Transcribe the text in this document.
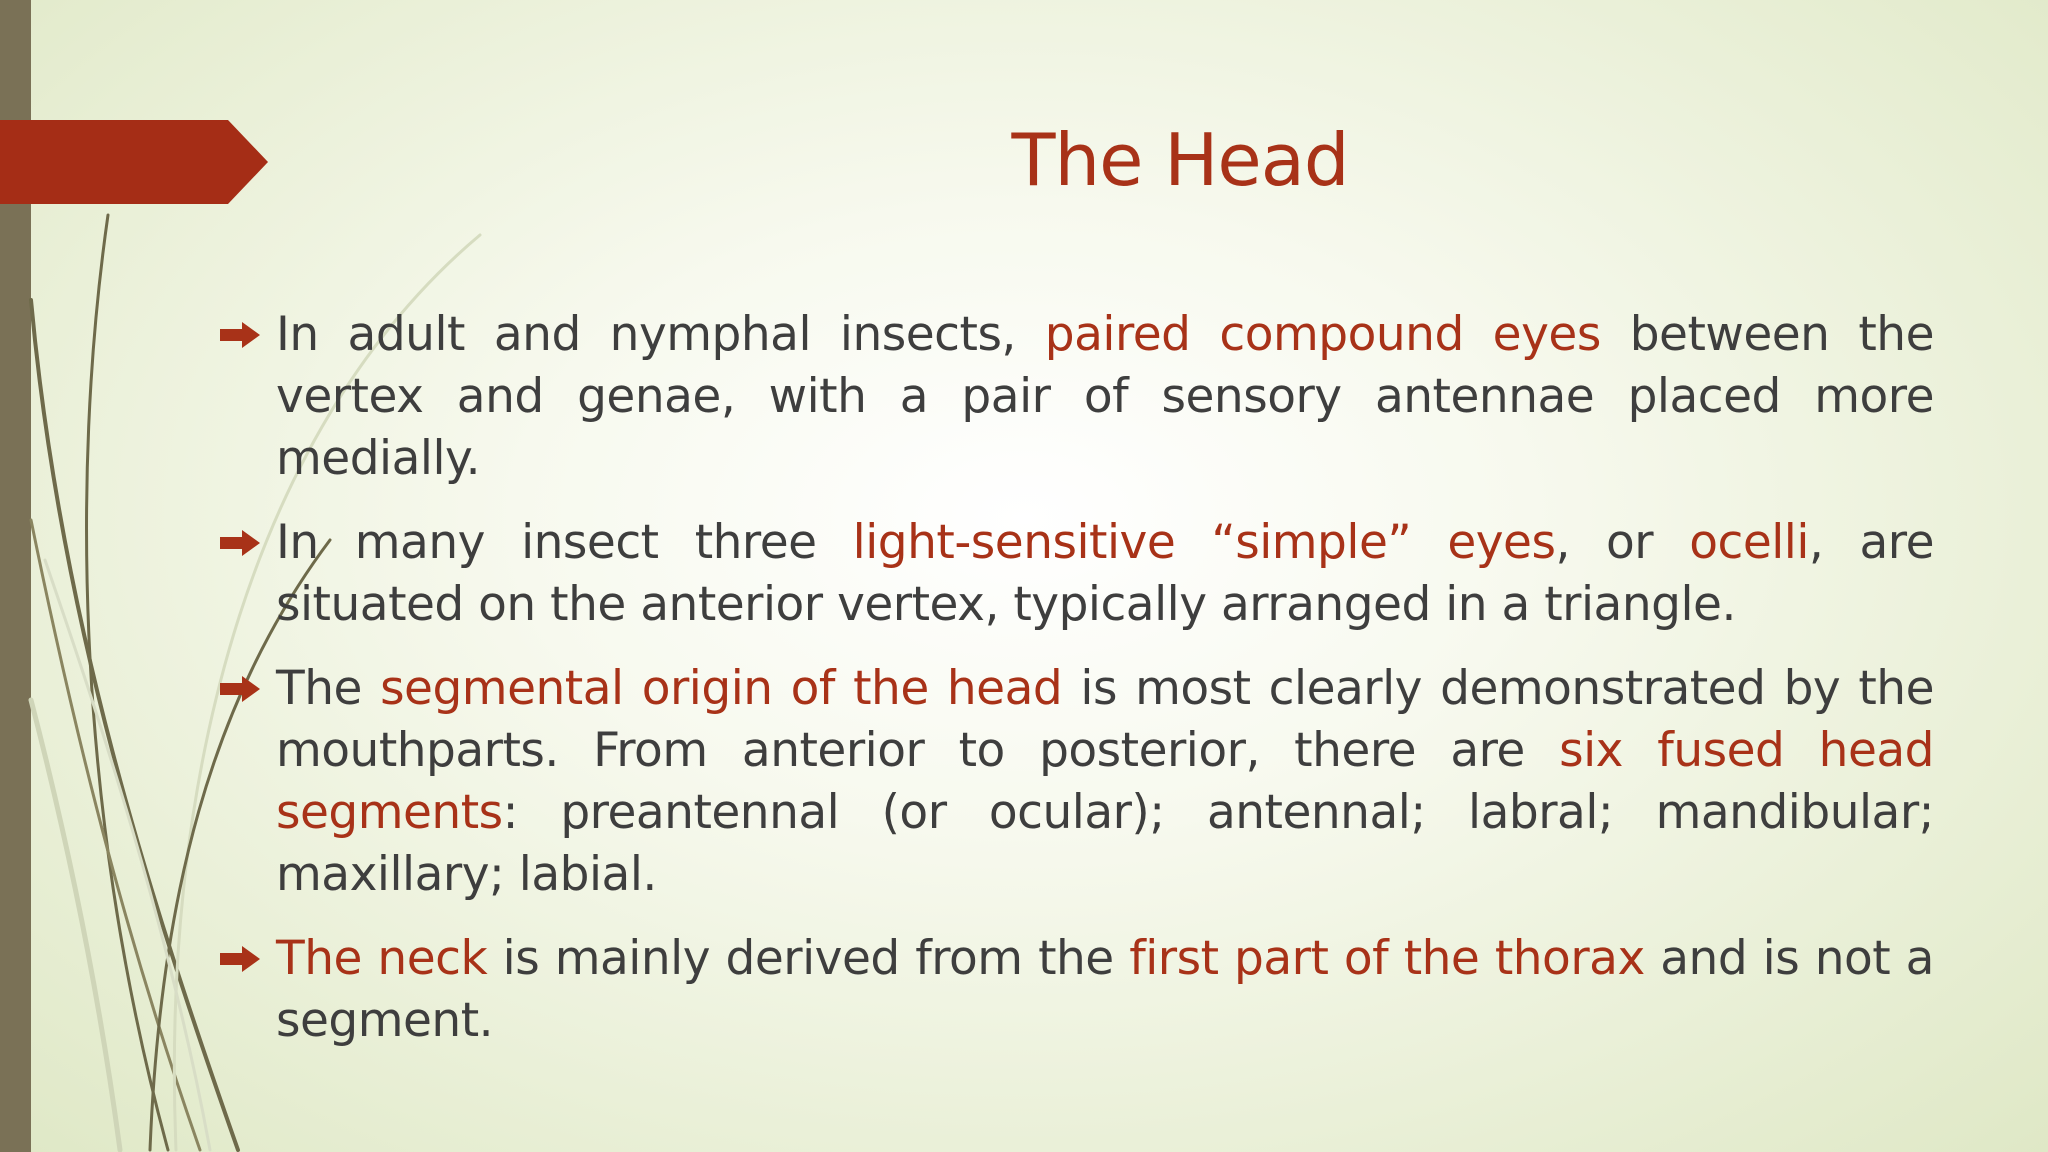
The Head
In adult and nymphal insects, paired compound eyes between the vertex and genae, with a pair of sensory antennae placed more medially.
In many insect three light-sensitive “simple” eyes, or ocelli, are situated on the anterior vertex, typically arranged in a triangle.
The segmental origin of the head is most clearly demonstrated by the mouthparts. From anterior to posterior, there are six fused head segments: preantennal (or ocular); antennal; labral; mandibular; maxillary; labial.
The neck is mainly derived from the first part of the thorax and is not a segment.
